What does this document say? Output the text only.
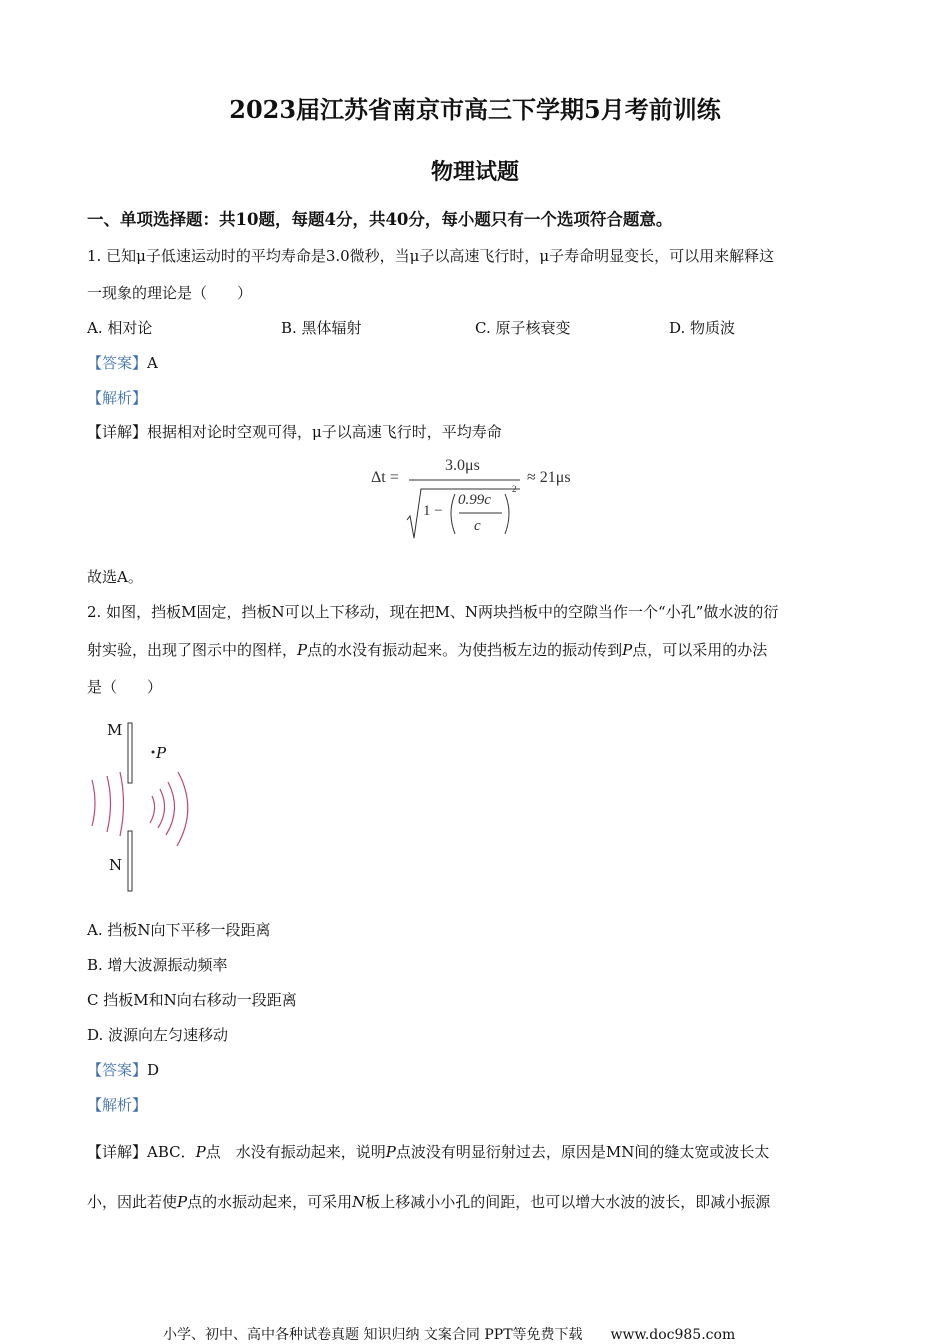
2023届江苏省南京市高三下学期5月考前训练
物理试题
一、单项选择题：共10题，每题4分，共40分，每小题只有一个选项符合题意。
1. 已知μ子低速运动时的平均寿命是3.0微秒，当μ子以高速飞行时，μ子寿命明显变长，可以用来解释这
一现象的理论是（　　）
A. 相对论	B. 黑体辐射	C. 原子核衰变	D. 物质波
【答案】A
【解析】
【详解】根据相对论时空观可得，μ子以高速飞行时，平均寿命
Δt =
3.0μs
1 −
0.99c
c
2
≈ 21μs
故选A。
2. 如图，挡板M固定，挡板N可以上下移动，现在把M、N两块挡板中的空隙当作一个“小孔”做水波的衍
射实验，出现了图示中的图样，P点的水没有振动起来。为使挡板左边的振动传到P点，可以采用的办法
是（　　）
M
P
N
A. 挡板N向下平移一段距离
B. 增大波源振动频率
C 挡板M和N向右移动一段距离
D. 波源向左匀速移动
【答案】D
【解析】
【详解】ABC．P点　水没有振动起来，说明P点波没有明显衍射过去，原因是MN间的缝太宽或波长太
小，因此若使P点的水振动起来，可采用N板上移减小小孔的间距，也可以增大水波的波长，即减小振源
小学、初中、高中各种试卷真题 知识归纳 文案合同 PPT等免费下载　　www.doc985.com
